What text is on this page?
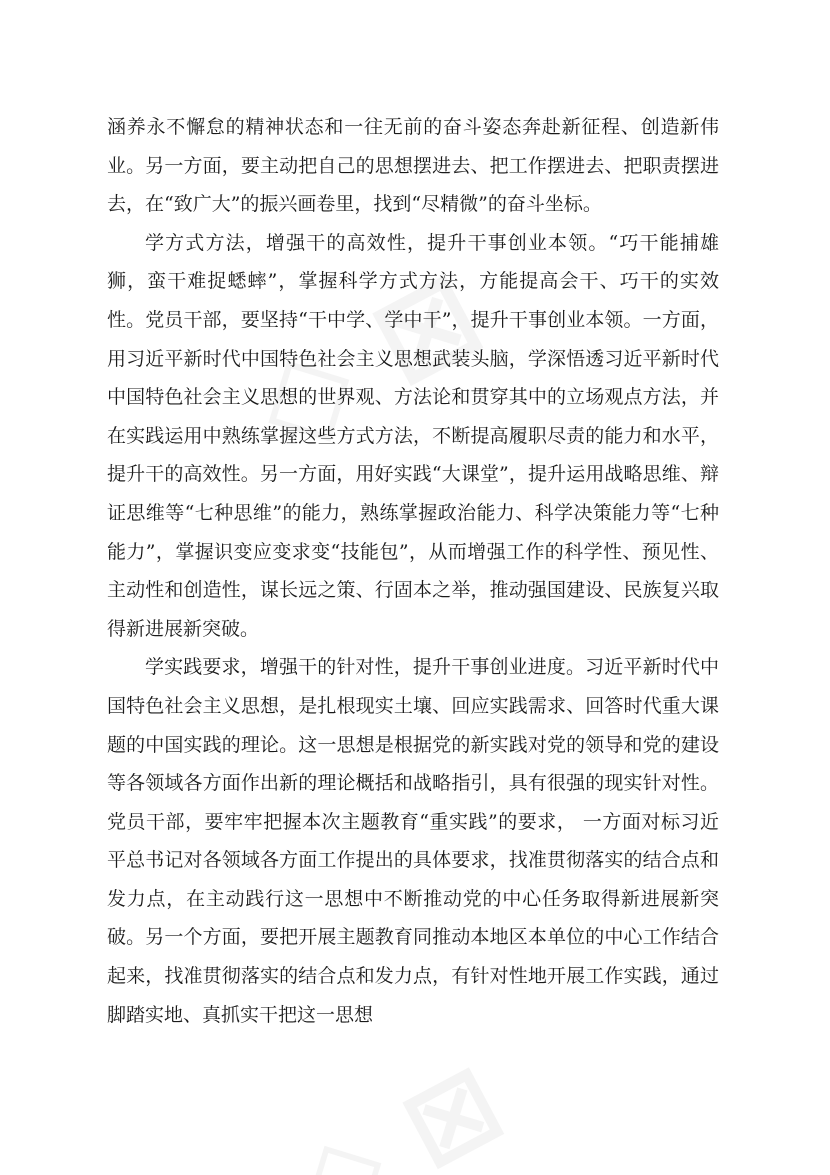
涵养永不懈怠的精神状态和一往无前的奋斗姿态奔赴新征程、创造新伟业。另一方面，要主动把自己的思想摆进去、把工作摆进去、把职责摆进去，在“致广大”的振兴画卷里，找到“尽精微”的奋斗坐标。

学方式方法，增强干的高效性，提升干事创业本领。“巧干能捕雄狮，蛮干难捉蟋蟀”，掌握科学方式方法，方能提高会干、巧干的实效性。党员干部，要坚持“干中学、学中干”，提升干事创业本领。一方面，用习近平新时代中国特色社会主义思想武装头脑，学深悟透习近平新时代中国特色社会主义思想的世界观、方法论和贯穿其中的立场观点方法，并在实践运用中熟练掌握这些方式方法，不断提高履职尽责的能力和水平，提升干的高效性。另一方面，用好实践“大课堂”，提升运用战略思维、辩证思维等“七种思维”的能力，熟练掌握政治能力、科学决策能力等“七种能力”，掌握识变应变求变“技能包”，从而增强工作的科学性、预见性、主动性和创造性，谋长远之策、行固本之举，推动强国建设、民族复兴取得新进展新突破。

学实践要求，增强干的针对性，提升干事创业进度。习近平新时代中国特色社会主义思想，是扎根现实土壤、回应实践需求、回答时代重大课题的中国实践的理论。这一思想是根据党的新实践对党的领导和党的建设等各领域各方面作出新的理论概括和战略指引，具有很强的现实针对性。党员干部，要牢牢把握本次主题教育“重实践”的要求， 一方面对标习近平总书记对各领域各方面工作提出的具体要求，找准贯彻落实的结合点和发力点，在主动践行这一思想中不断推动党的中心任务取得新进展新突破。另一个方面，要把开展主题教育同推动本地区本单位的中心工作结合起来，找准贯彻落实的结合点和发力点，有针对性地开展工作实践，通过脚踏实地、真抓实干把这一思想
